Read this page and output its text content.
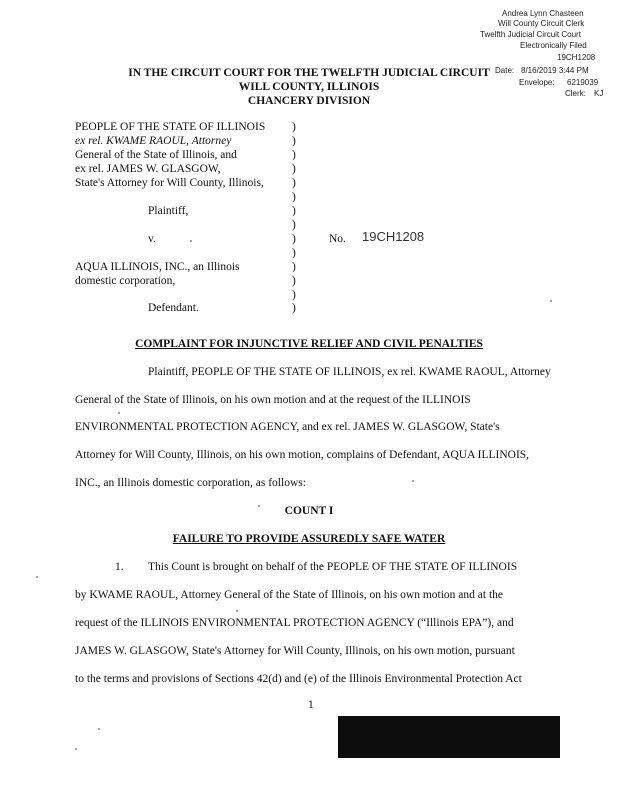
Andrea Lynn Chasteen
Will County Circuit Clerk
Twelfth Judicial Circuit Court
Electronically Filed
19CH1208
Date: 8/16/2019 3:44 PM
Envelope: 6219039
Clerk: KJ
IN THE CIRCUIT COURT FOR THE TWELFTH JUDICIAL CIRCUIT
WILL COUNTY, ILLINOIS
CHANCERY DIVISION
PEOPLE OF THE STATE OF ILLINOIS
ex rel. KWAME RAOUL, Attorney
General of the State of Illinois, and
ex rel. JAMES W. GLASGOW,
State's Attorney for Will County, Illinois,
Plaintiff,
v.
AQUA ILLINOIS, INC., an Illinois
domestic corporation,
Defendant.
)
)
)
)
)
)
)
)
)
)
)
)
)
)
No. 19CH1208
COMPLAINT FOR INJUNCTIVE RELIEF AND CIVIL PENALTIES
Plaintiff, PEOPLE OF THE STATE OF ILLINOIS, ex rel. KWAME RAOUL, Attorney
General of the State of Illinois, on his own motion and at the request of the ILLINOIS
ENVIRONMENTAL PROTECTION AGENCY, and ex rel. JAMES W. GLASGOW, State's
Attorney for Will County, Illinois, on his own motion, complains of Defendant, AQUA ILLINOIS,
INC., an Illinois domestic corporation, as follows:
COUNT I
FAILURE TO PROVIDE ASSUREDLY SAFE WATER
1. This Count is brought on behalf of the PEOPLE OF THE STATE OF ILLINOIS
by KWAME RAOUL, Attorney General of the State of Illinois, on his own motion and at the
request of the ILLINOIS ENVIRONMENTAL PROTECTION AGENCY (“Illinois EPA”), and
JAMES W. GLASGOW, State's Attorney for Will County, Illinois, on his own motion, pursuant
to the terms and provisions of Sections 42(d) and (e) of the Illinois Environmental Protection Act
1
